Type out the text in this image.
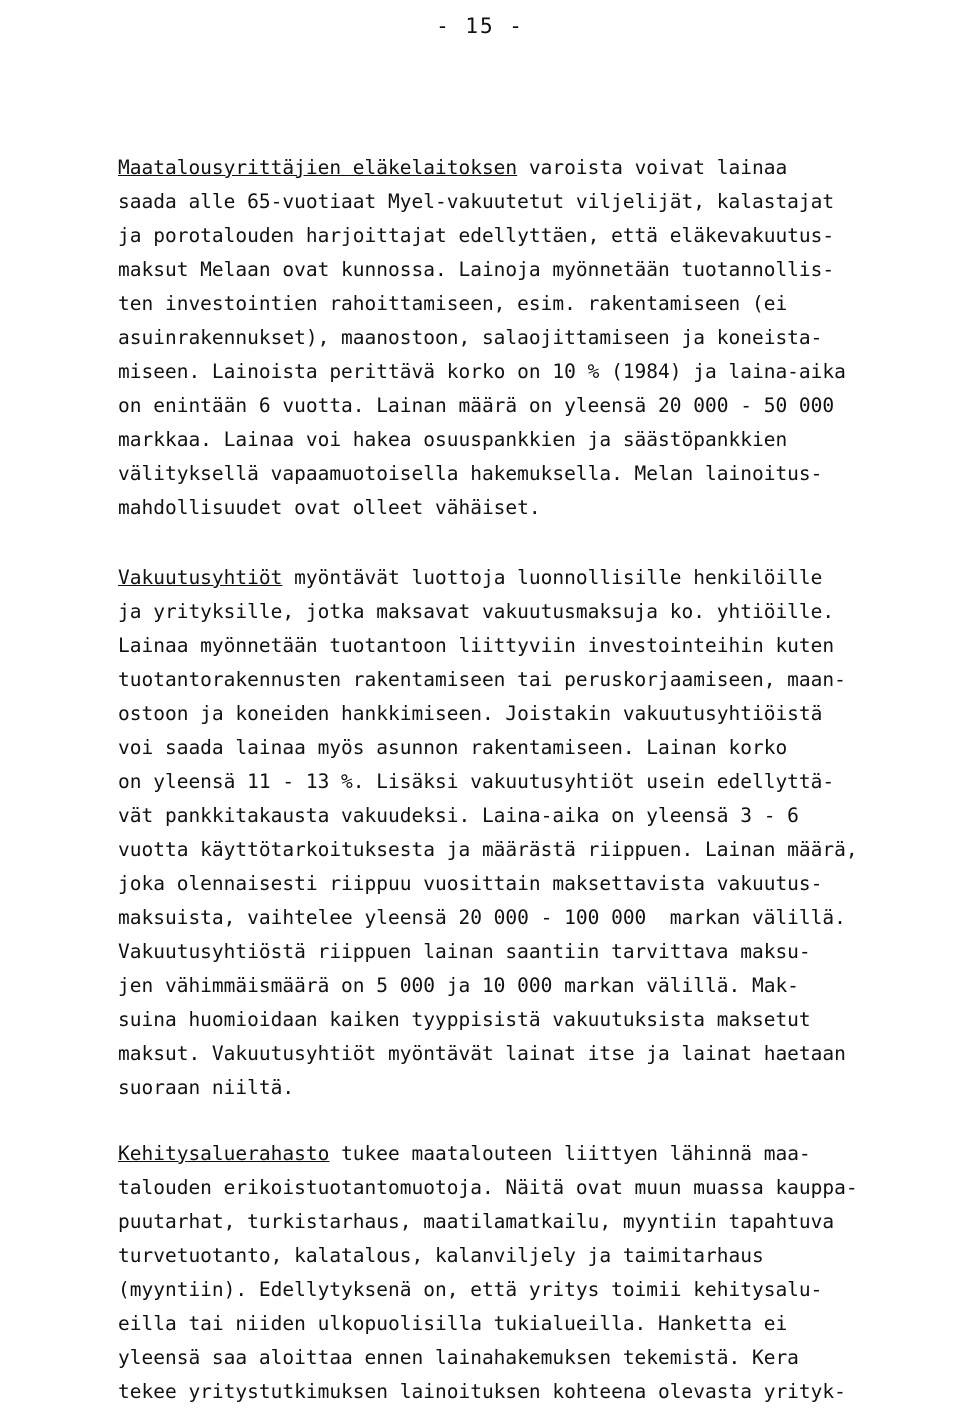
- 15 -
Maatalousyrittäjien eläkelaitoksen varoista voivat lainaa
saada alle 65-vuotiaat Myel-vakuutetut viljelijät, kalastajat
ja porotalouden harjoittajat edellyttäen, että eläkevakuutus-
maksut Melaan ovat kunnossa. Lainoja myönnetään tuotannollis-
ten investointien rahoittamiseen, esim. rakentamiseen (ei
asuinrakennukset), maanostoon, salaojittamiseen ja koneista-
miseen. Lainoista perittävä korko on 10 % (1984) ja laina-aika
on enintään 6 vuotta. Lainan määrä on yleensä 20 000 - 50 000
markkaa. Lainaa voi hakea osuuspankkien ja säästöpankkien
välityksellä vapaamuotoisella hakemuksella. Melan lainoitus-
mahdollisuudet ovat olleet vähäiset.
Vakuutusyhtiöt myöntävät luottoja luonnollisille henkilöille
ja yrityksille, jotka maksavat vakuutusmaksuja ko. yhtiöille.
Lainaa myönnetään tuotantoon liittyviin investointeihin kuten
tuotantorakennusten rakentamiseen tai peruskorjaamiseen, maan-
ostoon ja koneiden hankkimiseen. Joistakin vakuutusyhtiöistä
voi saada lainaa myös asunnon rakentamiseen. Lainan korko
on yleensä 11 - 13 %. Lisäksi vakuutusyhtiöt usein edellyttä-
vät pankkitakausta vakuudeksi. Laina-aika on yleensä 3 - 6
vuotta käyttötarkoituksesta ja määrästä riippuen. Lainan määrä,
joka olennaisesti riippuu vuosittain maksettavista vakuutus-
maksuista, vaihtelee yleensä 20 000 - 100 000  markan välillä.
Vakuutusyhtiöstä riippuen lainan saantiin tarvittava maksu-
jen vähimmäismäärä on 5 000 ja 10 000 markan välillä. Mak-
suina huomioidaan kaiken tyyppisistä vakuutuksista maksetut
maksut. Vakuutusyhtiöt myöntävät lainat itse ja lainat haetaan
suoraan niiltä.
Kehitysaluerahasto tukee maatalouteen liittyen lähinnä maa-
talouden erikoistuotantomuotoja. Näitä ovat muun muassa kauppa-
puutarhat, turkistarhaus, maatilamatkailu, myyntiin tapahtuva
turvetuotanto, kalatalous, kalanviljely ja taimitarhaus
(myyntiin). Edellytyksenä on, että yritys toimii kehitysalu-
eilla tai niiden ulkopuolisilla tukialueilla. Hanketta ei
yleensä saa aloittaa ennen lainahakemuksen tekemistä. Kera
tekee yritystutkimuksen lainoituksen kohteena olevasta yrityk-
